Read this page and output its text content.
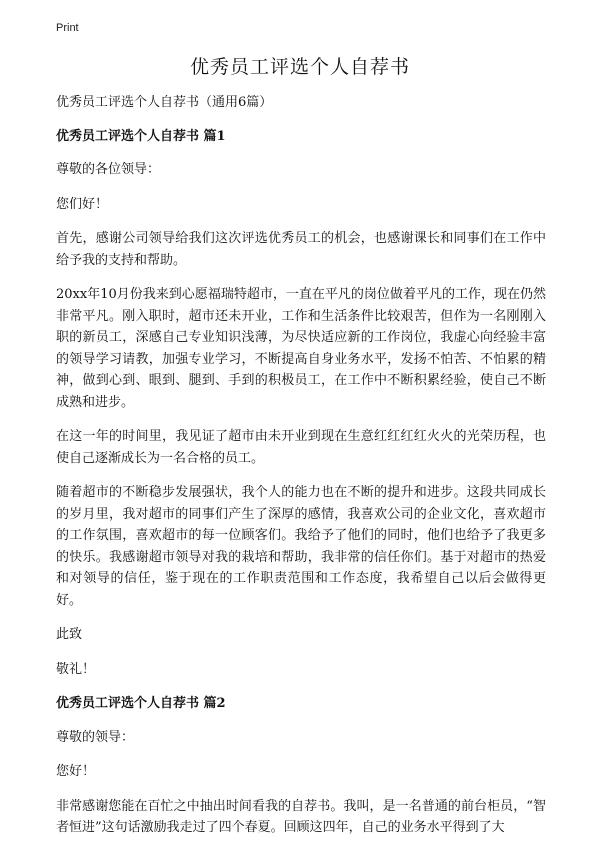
Print
优秀员工评选个人自荐书

优秀员工评选个人自荐书（通用6篇）

优秀员工评选个人自荐书 篇1

尊敬的各位领导：

您们好！

首先，感谢公司领导给我们这次评选优秀员工的机会，也感谢课长和同事们在工作中给予我的支持和帮助。

20xx年10月份我来到心愿福瑞特超市，一直在平凡的岗位做着平凡的工作，现在仍然非常平凡。刚入职时，超市还未开业，工作和生活条件比较艰苦，但作为一名刚刚入职的新员工，深感自己专业知识浅薄，为尽快适应新的工作岗位，我虚心向经验丰富的领导学习请教，加强专业学习，不断提高自身业务水平，发扬不怕苦、不怕累的精神，做到心到、眼到、腿到、手到的积极员工，在工作中不断积累经验，使自己不断成熟和进步。

在这一年的时间里，我见证了超市由未开业到现在生意红红红红火火的光荣历程，也使自己逐渐成长为一名合格的员工。

随着超市的不断稳步发展强状，我个人的能力也在不断的提升和进步。这段共同成长的岁月里，我对超市的同事们产生了深厚的感情，我喜欢公司的企业文化，喜欢超市的工作氛围，喜欢超市的每一位顾客们。我给予了他们的同时，他们也给予了我更多的快乐。我感谢超市领导对我的栽培和帮助，我非常的信任你们。基于对超市的热爱和对领导的信任，鉴于现在的工作职责范围和工作态度，我希望自己以后会做得更好。

此致

敬礼！

优秀员工评选个人自荐书 篇2

尊敬的领导：

您好！

非常感谢您能在百忙之中抽出时间看我的自荐书。我叫，是一名普通的前台柜员，“智者恒进”这句话激励我走过了四个春夏。回顾这四年，自己的业务水平得到了大
